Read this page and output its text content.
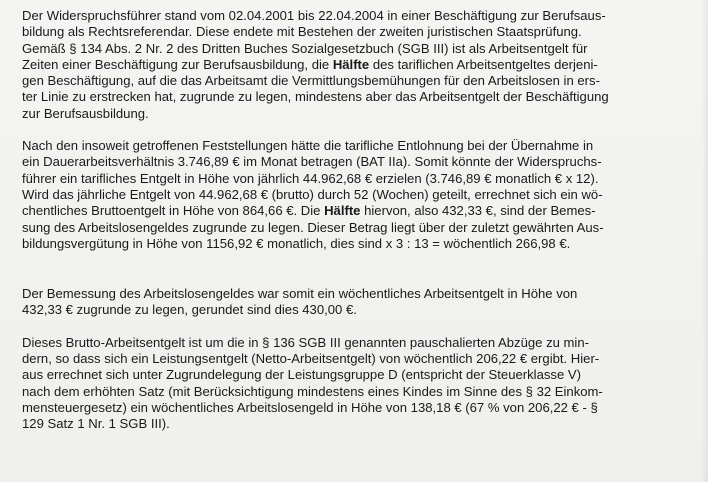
Der Widerspruchsführer stand vom 02.04.2001 bis 22.04.2004 in einer Beschäftigung zur Berufsaus-
bildung als Rechtsreferendar. Diese endete mit Bestehen der zweiten juristischen Staatsprüfung.
Gemäß § 134 Abs. 2 Nr. 2 des Dritten Buches Sozialgesetzbuch (SGB III) ist als Arbeitsentgelt für
Zeiten einer Beschäftigung zur Berufsausbildung, die Hälfte des tariflichen Arbeitsentgeltes derjeni-
gen Beschäftigung, auf die das Arbeitsamt die Vermittlungsbemühungen für den Arbeitslosen in ers-
ter Linie zu erstrecken hat, zugrunde zu legen, mindestens aber das Arbeitsentgelt der Beschäftigung
zur Berufsausbildung.
Nach den insoweit getroffenen Feststellungen hätte die tarifliche Entlohnung bei der Übernahme in
ein Dauerarbeitsverhältnis 3.746,89 € im Monat betragen (BAT IIa). Somit könnte der Widerspruchs-
führer ein tarifliches Entgelt in Höhe von jährlich 44.962,68 € erzielen (3.746,89 € monatlich € x 12).
Wird das jährliche Entgelt von 44.962,68 € (brutto) durch 52 (Wochen) geteilt, errechnet sich ein wö-
chentliches Bruttoentgelt in Höhe von 864,66 €. Die Hälfte hiervon, also 432,33 €, sind der Bemes-
sung des Arbeitslosengeldes zugrunde zu legen. Dieser Betrag liegt über der zuletzt gewährten Aus-
bildungsvergütung in Höhe von 1156,92 € monatlich, dies sind x 3 : 13 = wöchentlich 266,98 €.
Der Bemessung des Arbeitslosengeldes war somit ein wöchentliches Arbeitsentgelt in Höhe von
432,33 € zugrunde zu legen, gerundet sind dies 430,00 €.
Dieses Brutto-Arbeitsentgelt ist um die in § 136 SGB III genannten pauschalierten Abzüge zu min-
dern, so dass sich ein Leistungsentgelt (Netto-Arbeitsentgelt) von wöchentlich 206,22 € ergibt. Hier-
aus errechnet sich unter Zugrundelegung der Leistungsgruppe D (entspricht der Steuerklasse V)
nach dem erhöhten Satz (mit Berücksichtigung mindestens eines Kindes im Sinne des § 32 Einkom-
mensteuergesetz) ein wöchentliches Arbeitslosengeld in Höhe von 138,18 € (67 % von 206,22 € - §
129 Satz 1 Nr. 1 SGB III).
